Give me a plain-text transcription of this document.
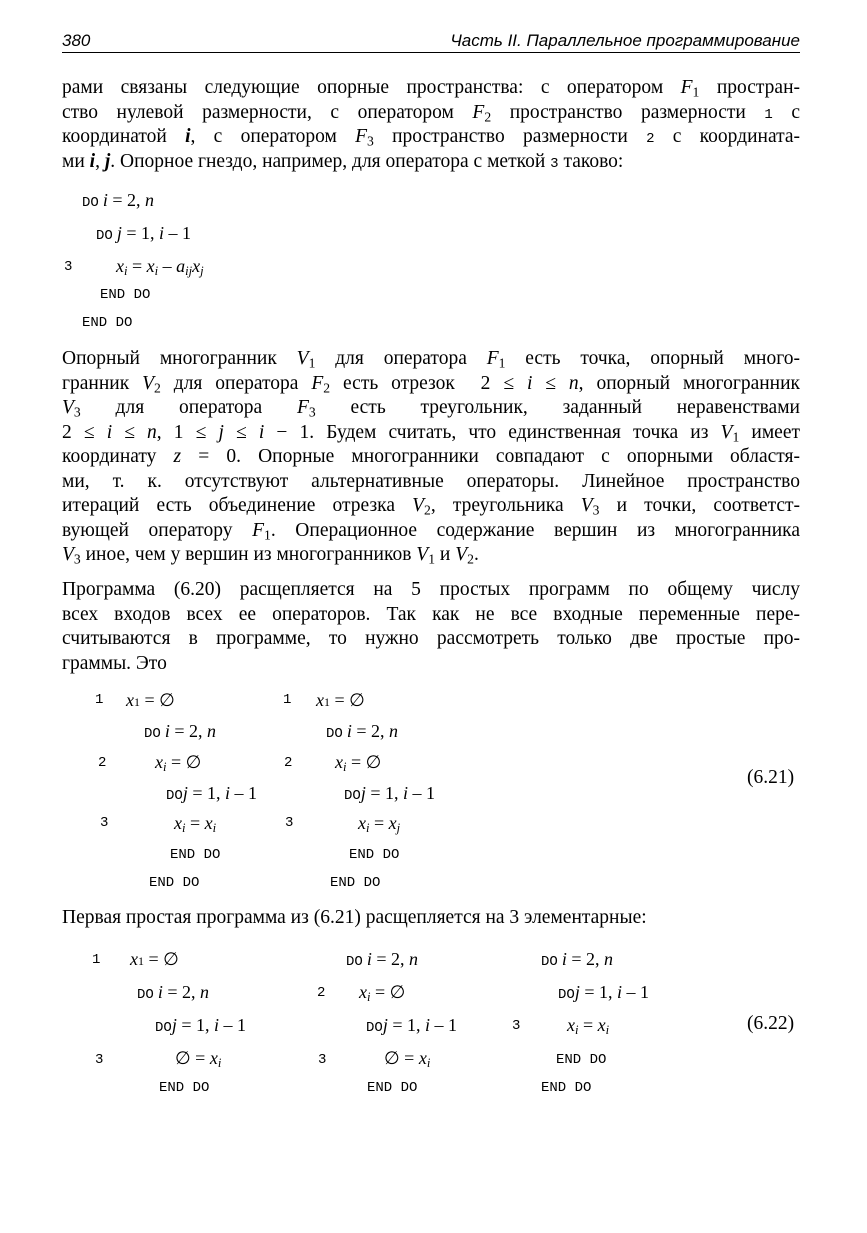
380	Часть II. Параллельное программирование
рами связаны следующие опорные пространства: с оператором $F_1$ простран-
ство нулевой размерности, с оператором $F_2$ пространство размерности 1 с
координатой i, с оператором $F_3$ пространство размерности 2 с координата-
ми i, j. Опорное гнездо, например, для оператора с меткой 3 таково:
DO i = 2, n
DO j = 1, i – 1
3 $x_i = x_i - a_{ij}x_j$
END DO
END DO
Опорный многогранник $V_1$ для оператора $F_1$ есть точка, опорный много-
гранник $V_2$ для оператора $F_2$ есть отрезок  2 ≤ i ≤ n, опорный многогранник
$V_3$ для оператора $F_3$ есть треугольник, заданный неравенствами
2 ≤ i ≤ n, 1 ≤ j ≤ i − 1. Будем считать, что единственная точка из $V_1$ имеет
координату z = 0. Опорные многогранники совпадают с опорными областя-
ми, т. к. отсутствуют альтернативные операторы. Линейное пространство
итераций есть объединение отрезка $V_2$, треугольника $V_3$ и точки, соответст-
вующей оператору $F_1$. Операционное содержание вершин из многогранника
$V_3$ иное, чем у вершин из многогранников $V_1$ и $V_2$.
Программа (6.20) расщепляется на 5 простых программ по общему числу
всех входов всех ее операторов. Так как не все входные переменные пере-
считываются в программе, то нужно рассмотреть только две простые про-
граммы. Это
1 x1 = ∅
DO i = 2, n
2	$x_i$ = ∅
DOj = 1, i – 1
3	$x_i = x_i$
END DO
END DO
1 x1 = ∅
DO i = 2, n
2 $x_i$ = ∅
DOj = 1, i – 1
3	$x_i = x_j$
END DO
END DO
(6.21)
Первая простая программа из (6.21) расщепляется на 3 элементарные:
1 x1 = ∅
DO i = 2, n
DOj = 1, i – 1
3	∅ = $x_i$
END DO
DO i = 2, n
2 $x_i$ = ∅
DOj = 1, i – 1
3	∅ = $x_i$
END DO
DO i = 2, n
DOj = 1, i – 1
3	$x_i = x_i$
END DO
END DO
(6.22)
